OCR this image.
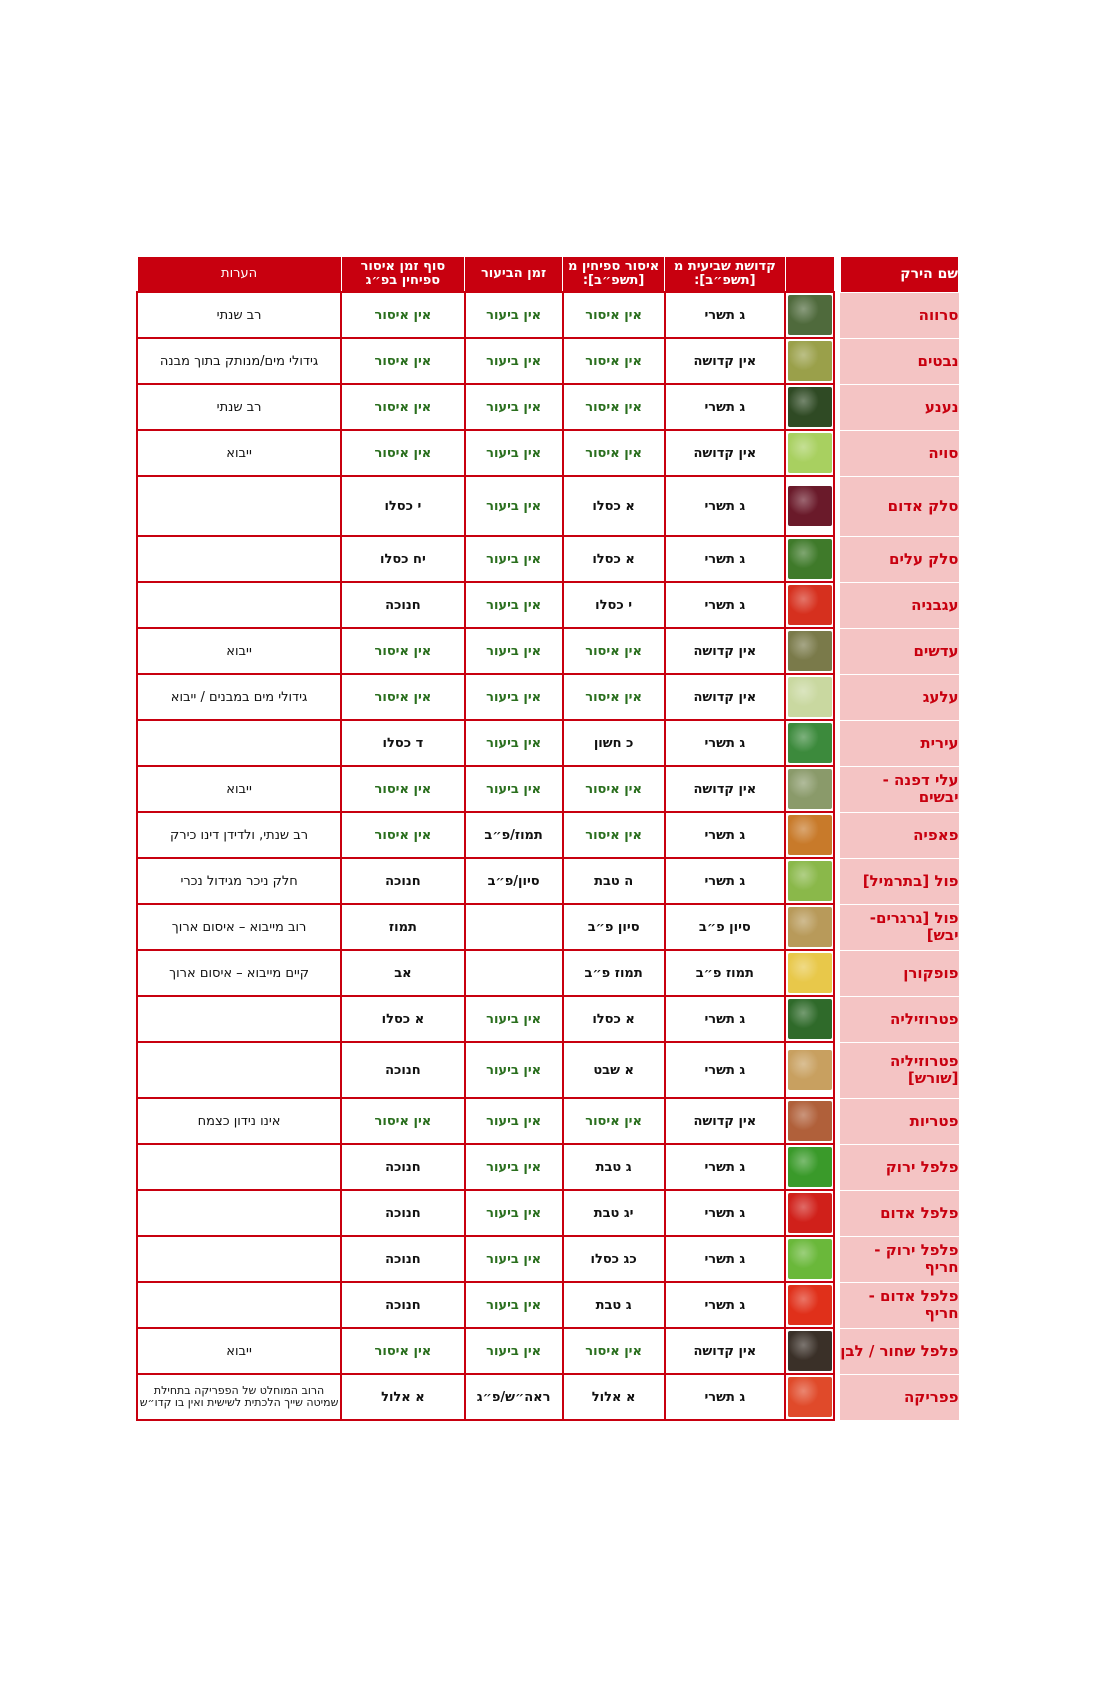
שם הירק			קדושת שביעית מ [תשפ״ב]:	איסור ספיחין מ [תשפ״ב]:	זמן הביעור	סוף זמן איסור ספיחין בפ״ג	הערות
סרווה			ג תשרי	אין איסור	אין ביעור	אין איסור	רב שנתי
נבטים			אין קדושה	אין איסור	אין ביעור	אין איסור	גידולי מים/מנותק בתוך מבנה
נענע			ג תשרי	אין איסור	אין ביעור	אין איסור	רב שנתי
סויה			אין קדושה	אין איסור	אין ביעור	אין איסור	ייבוא
סלק אדום			ג תשרי	א כסלו	אין ביעור	י כסלו	
סלק עלים			ג תשרי	א כסלו	אין ביעור	יח כסלו	
עגבניה			ג תשרי	י כסלו	אין ביעור	חנוכה	
עדשים			אין קדושה	אין איסור	אין ביעור	אין איסור	ייבוא
עלעג			אין קדושה	אין איסור	אין ביעור	אין איסור	גידולי מים במבנים / ייבוא
עירית			ג תשרי	כ חשון	אין ביעור	ד כסלו	
עלי דפנה - יבשים			אין קדושה	אין איסור	אין ביעור	אין איסור	ייבוא
פאפיה			ג תשרי	אין איסור	תמוז/פ״ב	אין איסור	רב שנתי, ולדידן דינו כירק
פול [בתרמיל]			ג תשרי	ה טבת	סיון/פ״ב	חנוכה	חלק ניכר מגידול נכרי
פול [גרגרים- יבש]			סיון פ״ב	סיון פ״ב		תמוז	רוב מייבוא – איסום ארוך
פופקורן			תמוז פ״ב	תמוז פ״ב		אב	קיים מייבוא – איסום ארוך
פטרוזיליה			ג תשרי	א כסלו	אין ביעור	א כסלו	
פטרוזיליה [שורש]			ג תשרי	א שבט	אין ביעור	חנוכה	
פטריות			אין קדושה	אין איסור	אין ביעור	אין איסור	אינו נידון כצמח
פלפל ירוק			ג תשרי	ג טבת	אין ביעור	חנוכה	
פלפל אדום			ג תשרי	יג טבת	אין ביעור	חנוכה	
פלפל ירוק - חריף			ג תשרי	כג כסלו	אין ביעור	חנוכה	
פלפל אדום - חריף			ג תשרי	ג טבת	אין ביעור	חנוכה	
פלפל שחור / לבן			אין קדושה	אין איסור	אין ביעור	אין איסור	ייבוא
פפריקה			ג תשרי	א אלול	ראה״ש/פ״ג	א אלול	הרוב המוחלט של הפפריקה בתחילת שמיטה שייך הלכתית לשישית ואין בו קדו״ש
